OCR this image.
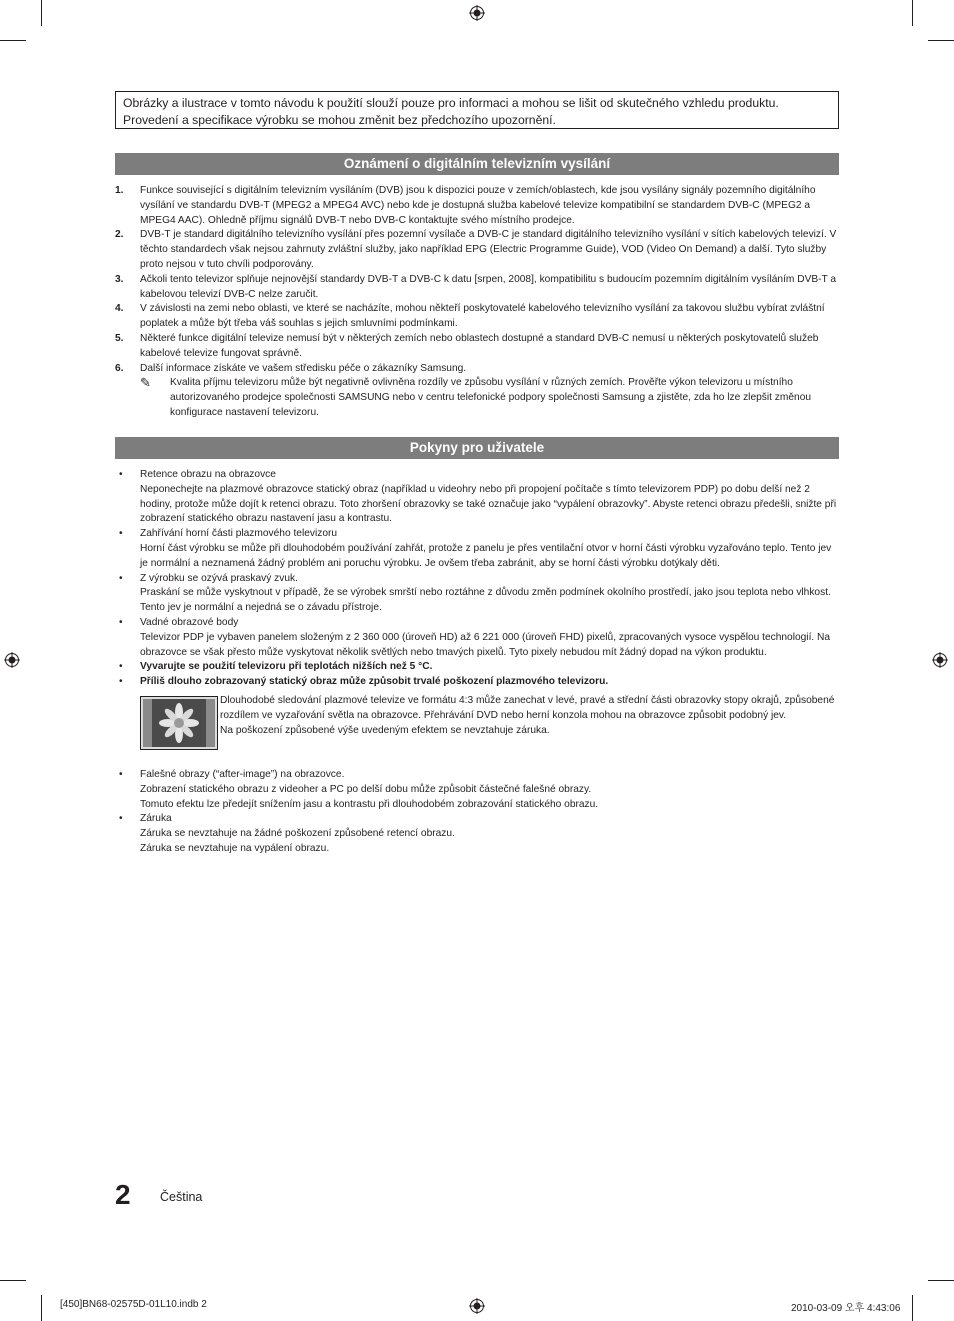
Obrázky a ilustrace v tomto návodu k použití slouží pouze pro informaci a mohou se lišit od skutečného vzhledu produktu.
Provedení a specifikace výrobku se mohou změnit bez předchozího upozornění.
Oznámení o digitálním televizním vysílání
1. Funkce související s digitálním televizním vysíláním (DVB) jsou k dispozici pouze v zemích/oblastech, kde jsou vysílány signály pozemního digitálního vysílání ve standardu DVB-T (MPEG2 a MPEG4 AVC) nebo kde je dostupná služba kabelové televize kompatibilní se standardem DVB-C (MPEG2 a MPEG4 AAC). Ohledně příjmu signálů DVB-T nebo DVB-C kontaktujte svého místního prodejce.
2. DVB-T je standard digitálního televizního vysílání přes pozemní vysílače a DVB-C je standard digitálního televizního vysílání v sítích kabelových televizí. V těchto standardech však nejsou zahrnuty zvláštní služby, jako například EPG (Electric Programme Guide), VOD (Video On Demand) a další. Tyto služby proto nejsou v tuto chvíli podporovány.
3. Ačkoli tento televizor splňuje nejnovější standardy DVB-T a DVB-C k datu [srpen, 2008], kompatibilitu s budoucím pozemním digitálním vysíláním DVB-T a kabelovou televizí DVB-C nelze zaručit.
4. V závislosti na zemi nebo oblasti, ve které se nacházíte, mohou někteří poskytovatelé kabelového televizního vysílání za takovou službu vybírat zvláštní poplatek a může být třeba váš souhlas s jejich smluvními podmínkami.
5. Některé funkce digitální televize nemusí být v některých zemích nebo oblastech dostupné a standard DVB-C nemusí u některých poskytovatelů služeb kabelové televize fungovat správně.
6. Další informace získáte ve vašem středisku péče o zákazníky Samsung.
✎ Kvalita příjmu televizoru může být negativně ovlivněna rozdíly ve způsobu vysílání v různých zemích. Prověřte výkon televizoru u místního autorizovaného prodejce společnosti SAMSUNG nebo v centru telefonické podpory společnosti Samsung a zjistěte, zda ho lze zlepšit změnou konfigurace nastavení televizoru.
Pokyny pro uživatele
• Retence obrazu na obrazovce
Neponechejte na plazmové obrazovce statický obraz (například u videohry nebo při propojení počítače s tímto televizorem PDP) po dobu delší než 2 hodiny, protože může dojít k retenci obrazu. Toto zhoršení obrazovky se také označuje jako “vypálení obrazovky”. Abyste retenci obrazu předešli, snižte při zobrazení statického obrazu nastavení jasu a kontrastu.
• Zahřívání horní části plazmového televizoru
Horní část výrobku se může při dlouhodobém používání zahřát, protože z panelu je přes ventilační otvor v horní části výrobku vyzařováno teplo. Tento jev je normální a neznamená žádný problém ani poruchu výrobku. Je ovšem třeba zabránit, aby se horní části výrobku dotýkaly děti.
• Z výrobku se ozývá praskavý zvuk.
Praskání se může vyskytnout v případě, že se výrobek smrští nebo roztáhne z důvodu změn podmínek okolního prostředí, jako jsou teplota nebo vlhkost. Tento jev je normální a nejedná se o závadu přístroje.
• Vadné obrazové body
Televizor PDP je vybaven panelem složeným z 2 360 000 (úroveň HD) až 6 221 000 (úroveň FHD) pixelů, zpracovaných vysoce vyspělou technologií. Na obrazovce se však přesto může vyskytovat několik světlých nebo tmavých pixelů. Tyto pixely nebudou mít žádný dopad na výkon produktu.
• Vyvarujte se použití televizoru při teplotách nižších než 5 °C.
• Příliš dlouho zobrazovaný statický obraz může způsobit trvalé poškození plazmového televizoru.
Dlouhodobé sledování plazmové televize ve formátu 4:3 může zanechat v levé, pravé a střední části obrazovky stopy okrajů, způsobené rozdílem ve vyzařování světla na obrazovce. Přehrávání DVD nebo herní konzola mohou na obrazovce způsobit podobný jev.
Na poškození způsobené výše uvedeným efektem se nevztahuje záruka.
• Falešné obrazy (“after-image”) na obrazovce.
Zobrazení statického obrazu z videoher a PC po delší dobu může způsobit částečné falešné obrazy.
Tomuto efektu lze předejít snížením jasu a kontrastu při dlouhodobém zobrazování statického obrazu.
• Záruka
Záruka se nevztahuje na žádné poškození způsobené retencí obrazu.
Záruka se nevztahuje na vypálení obrazu.
2 Čeština
[450]BN68-02575D-01L10.indb 2	2010-03-09 오후 4:43:06
